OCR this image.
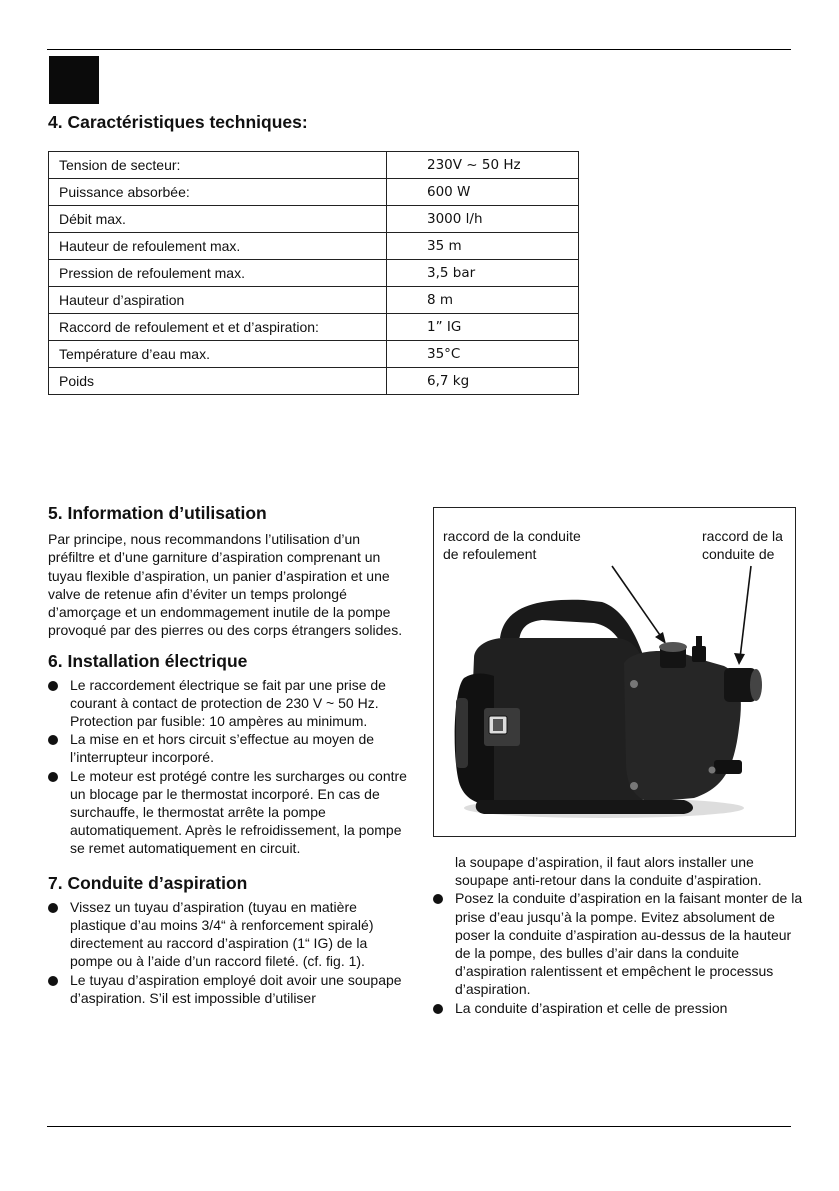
4. Caractéristiques techniques:
Tension de secteur:	230V ~ 50 Hz
Puissance absorbée:	600 W
Débit max.	3000 l/h
Hauteur de refoulement max.	35 m
Pression de refoulement max.	3,5 bar
Hauteur d’aspiration	8 m
Raccord de refoulement et et d’aspiration:	1” IG
Température d’eau max.	35°C
Poids	6,7 kg
5. Information d’utilisation

Par principe, nous recommandons l’utilisation d’un préfiltre et d’une garniture d’aspiration comprenant un tuyau flexible d’aspiration, un panier d’aspiration et une valve de retenue afin d’éviter un temps prolongé d’amorçage et un endommagement inutile de la pompe provoqué par des pierres ou des corps étrangers solides.

6. Installation électrique

Le raccordement électrique se fait par une prise de courant à contact de protection de 230 V ~ 50 Hz. Protection par fusible: 10 ampères au minimum.

La mise en et hors circuit s’effectue au moyen de l’interrupteur incorporé.

Le moteur est protégé contre les surcharges ou contre un blocage par le thermostat incorporé. En cas de surchauffe, le thermostat arrête la pompe automatiquement. Après le refroidissement, la pompe se remet automatiquement en circuit.

7. Conduite d’aspiration

Vissez un tuyau d’aspiration (tuyau en matière plastique d’au moins 3/4“ à renforcement spiralé) directement au raccord d’aspiration (1“ IG) de la pompe ou à l’aide d’un raccord fileté. (cf. fig. 1).

Le tuyau d’aspiration employé doit avoir une soupape d’aspiration. S’il est impossible d’utiliser

raccord de la conduite
de refoulement
raccord de la
conduite de

la soupape d’aspiration, il faut alors installer une soupape anti-retour dans la conduite d’aspiration.

Posez la conduite d’aspiration en la faisant monter de la prise d’eau jusqu’à la pompe. Evitez absolument de poser la conduite d’aspiration au-dessus de la hauteur de la pompe, des bulles d’air dans la conduite d’aspiration ralentissent et empêchent le processus d’aspiration.

La conduite d’aspiration et celle de pression
